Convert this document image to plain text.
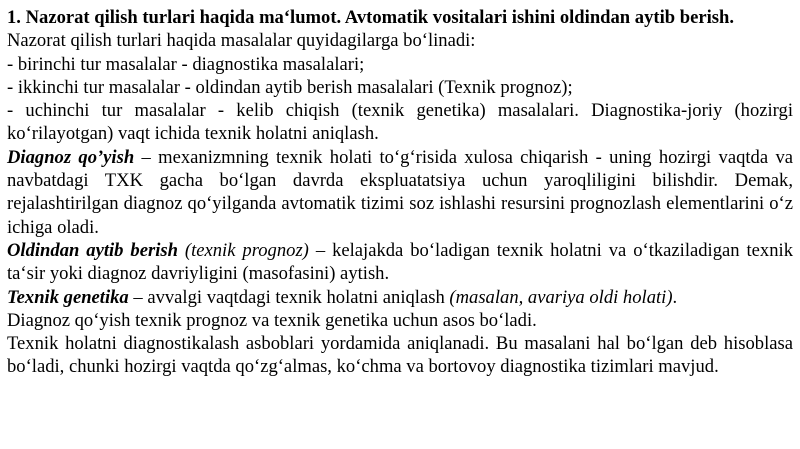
1. Nazorat qilish turlari haqida ma‘lumot. Avtomatik vositalari ishini oldindan aytib berish.

Nazorat qilish turlari haqida masalalar quyidagilarga bo‘linadi:

- birinchi tur masalalar - diagnostika masalalari;

- ikkinchi tur masalalar - oldindan aytib berish masalalari (Texnik prognoz);

- uchinchi tur masalalar - kelib chiqish (texnik genetika) masalalari. Diagnostika-joriy (hozirgi ko‘rilayotgan) vaqt ichida texnik holatni aniqlash.

Diagnoz qo’yish – mexanizmning texnik holati to‘g‘risida xulosa chiqarish - uning hozirgi vaqtda va navbatdagi TXK gacha bo‘lgan davrda ekspluatatsiya uchun yaroqliligini bilishdir. Demak, rejalashtirilgan diagnoz qo‘yilganda avtomatik tizimi soz ishlashi resursini prognozlash elementlarini o‘z ichiga oladi.

Oldindan aytib berish (texnik prognoz) – kelajakda bo‘ladigan texnik holatni va o‘tkaziladigan texnik ta‘sir yoki diagnoz davriyligini (masofasini) aytish.

Texnik genetika – avvalgi vaqtdagi texnik holatni aniqlash (masalan, avariya oldi holati).

Diagnoz qo‘yish texnik prognoz va texnik genetika uchun asos bo‘ladi.

Texnik holatni diagnostikalash asboblari yordamida aniqlanadi. Bu masalani hal bo‘lgan deb hisoblasa bo‘ladi, chunki hozirgi vaqtda qo‘zg‘almas, ko‘chma va bortovoy diagnostika tizimlari mavjud.
